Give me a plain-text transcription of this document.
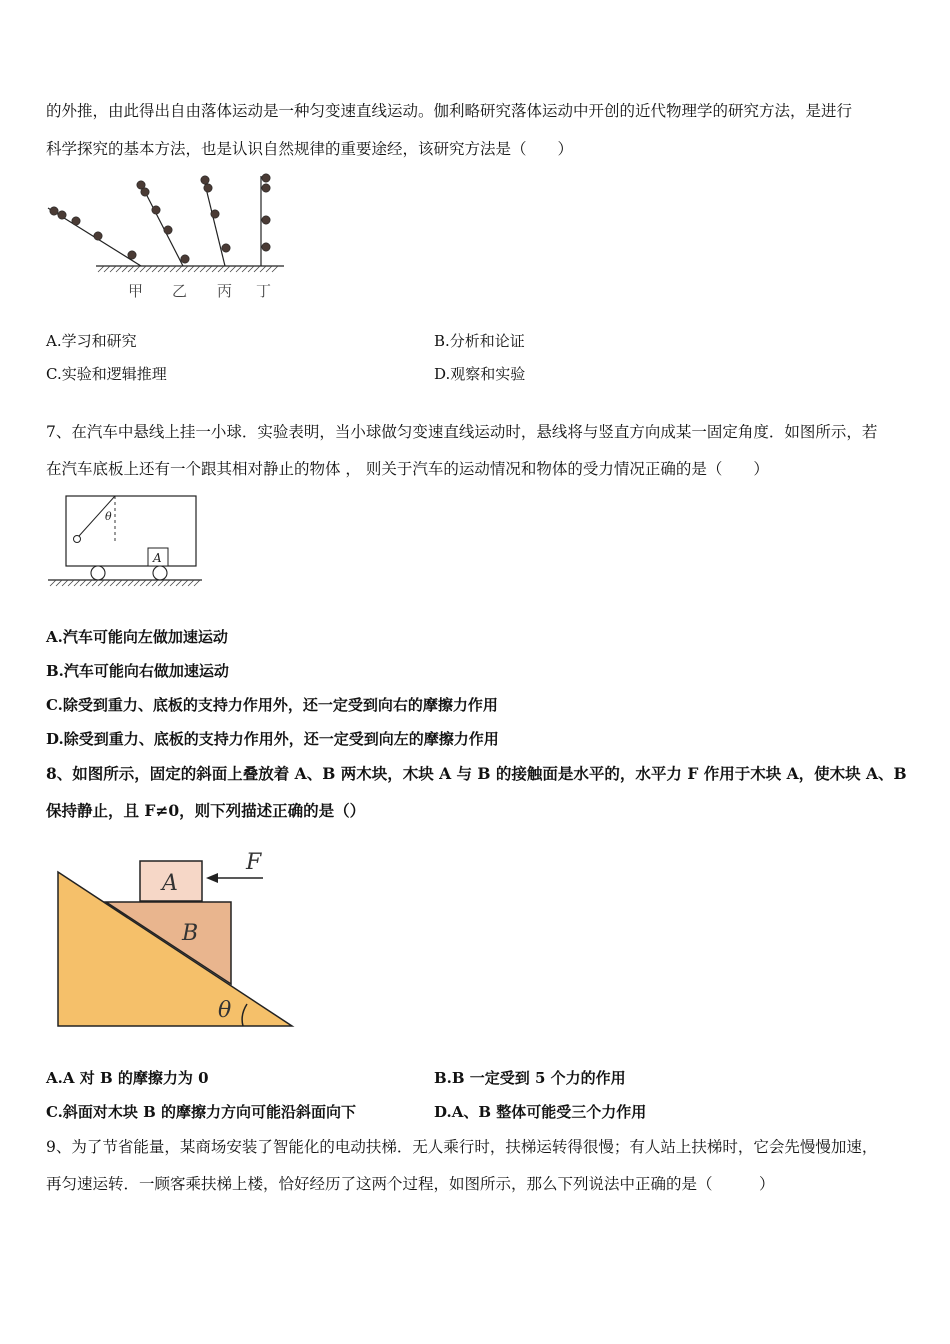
的外推，由此得出自由落体运动是一种匀变速直线运动。伽利略研究落体运动中开创的近代物理学的研究方法，是进行
科学探究的基本方法，也是认识自然规律的重要途经，该研究方法是（　　）
甲 乙 丙 丁
A.学习和研究	B.分析和论证
C.实验和逻辑推理	D.观察和实验
7、在汽车中悬线上挂一小球．实验表明，当小球做匀变速直线运动时，悬线将与竖直方向成某一固定角度．如图所示，若
在汽车底板上还有一个跟其相对静止的物体 ， 则关于汽车的运动情况和物体的受力情况正确的是（　　）
θ
A
A.汽车可能向左做加速运动
B.汽车可能向右做加速运动
C.除受到重力、底板的支持力作用外，还一定受到向右的摩擦力作用
D.除受到重力、底板的支持力作用外，还一定受到向左的摩擦力作用
8、如图所示，固定的斜面上叠放着 A、B 两木块，木块 A 与 B 的接触面是水平的，水平力 F 作用于木块 A，使木块 A、B
保持静止，且 F≠0，则下列描述正确的是（）
A
B
F
θ
A.A 对 B 的摩擦力为 0	B.B 一定受到 5 个力的作用
C.斜面对木块 B 的摩擦力方向可能沿斜面向下	D.A、B 整体可能受三个力作用
9、为了节省能量，某商场安装了智能化的电动扶梯．无人乘行时，扶梯运转得很慢；有人站上扶梯时，它会先慢慢加速，
再匀速运转．一顾客乘扶梯上楼，恰好经历了这两个过程，如图所示，那么下列说法中正确的是（　　　）
